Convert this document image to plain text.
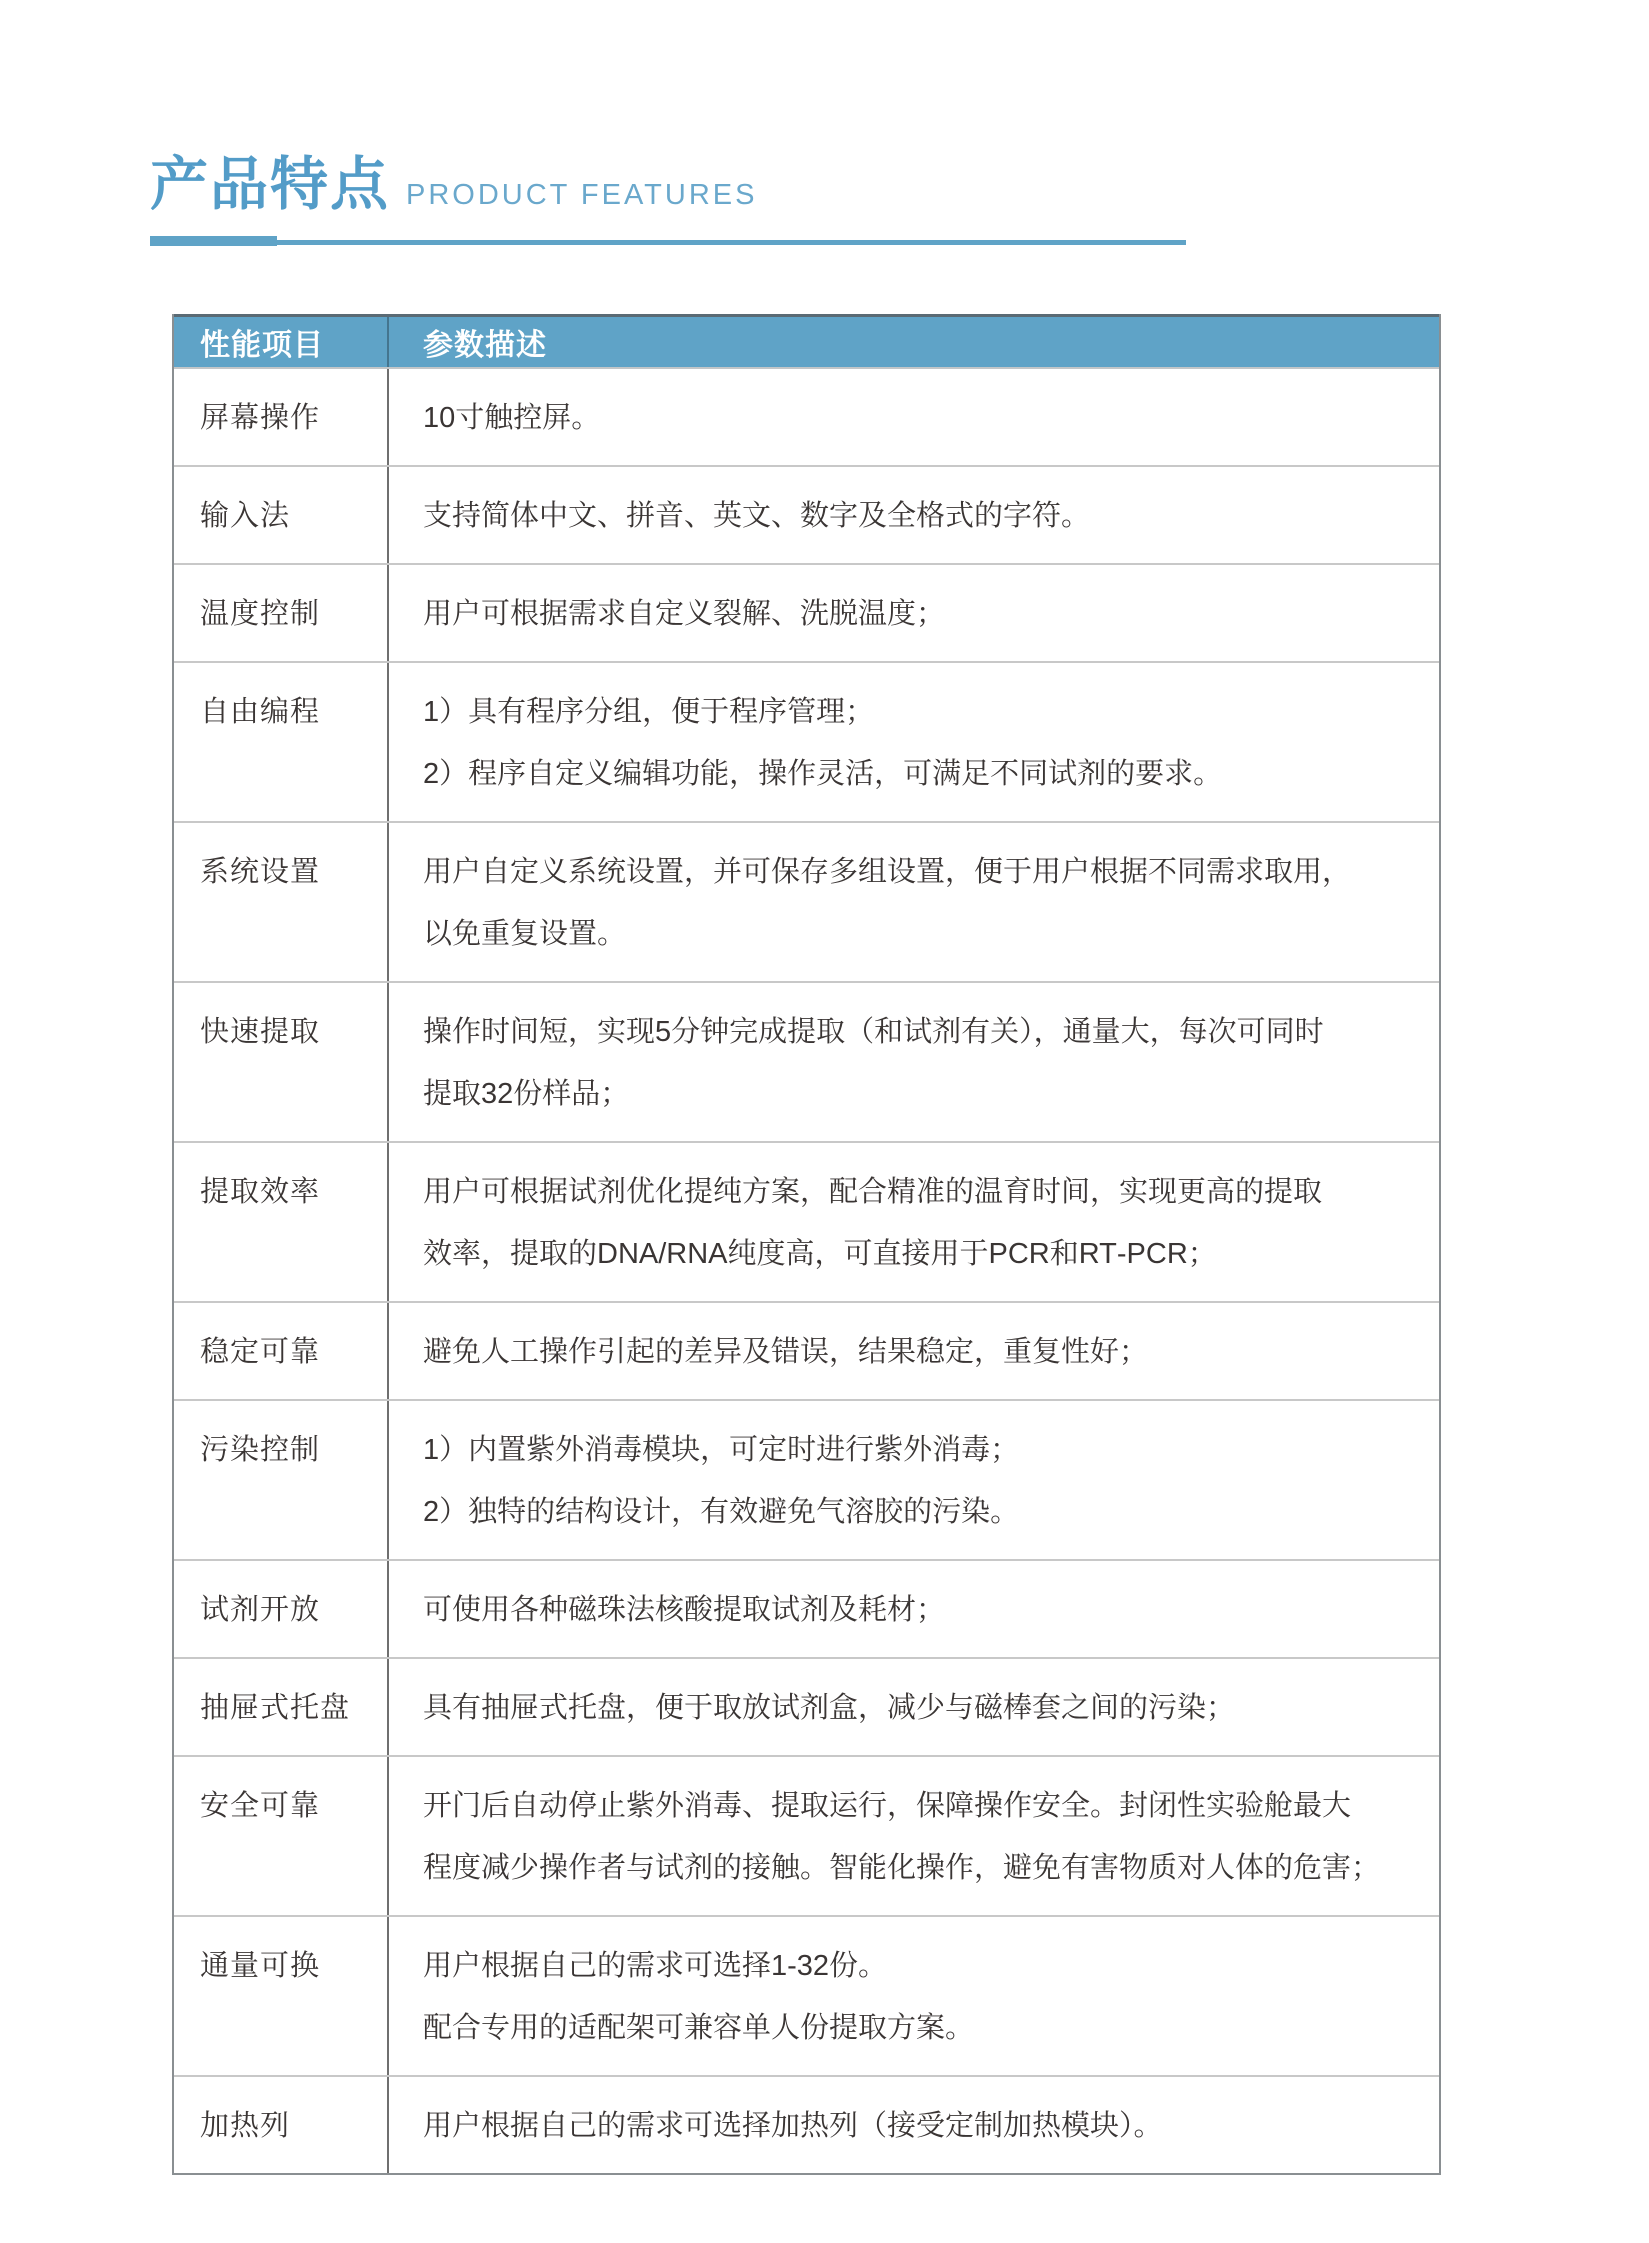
产品特点 PRODUCT FEATURES
性能项目	参数描述
屏幕操作	10寸触控屏。
输入法	支持简体中文、拼音、英文、数字及全格式的字符。
温度控制	用户可根据需求自定义裂解、洗脱温度；
自由编程	1）具有程序分组，便于程序管理；
2）程序自定义编辑功能，操作灵活，可满足不同试剂的要求。
系统设置	用户自定义系统设置，并可保存多组设置，便于用户根据不同需求取用，
以免重复设置。
快速提取	操作时间短，实现5分钟完成提取（和试剂有关），通量大，每次可同时
提取32份样品；
提取效率	用户可根据试剂优化提纯方案，配合精准的温育时间，实现更高的提取
效率，提取的DNA/RNA纯度高，可直接用于PCR和RT‐PCR；
稳定可靠	避免人工操作引起的差异及错误，结果稳定，重复性好；
污染控制	1）内置紫外消毒模块，可定时进行紫外消毒；
2）独特的结构设计，有效避免气溶胶的污染。
试剂开放	可使用各种磁珠法核酸提取试剂及耗材；
抽屉式托盘	具有抽屉式托盘，便于取放试剂盒，减少与磁棒套之间的污染；
安全可靠	开门后自动停止紫外消毒、提取运行，保障操作安全。封闭性实验舱最大
程度减少操作者与试剂的接触。智能化操作，避免有害物质对人体的危害；
通量可换	用户根据自己的需求可选择1-32份。
配合专用的适配架可兼容单人份提取方案。
加热列	用户根据自己的需求可选择加热列（接受定制加热模块）。
